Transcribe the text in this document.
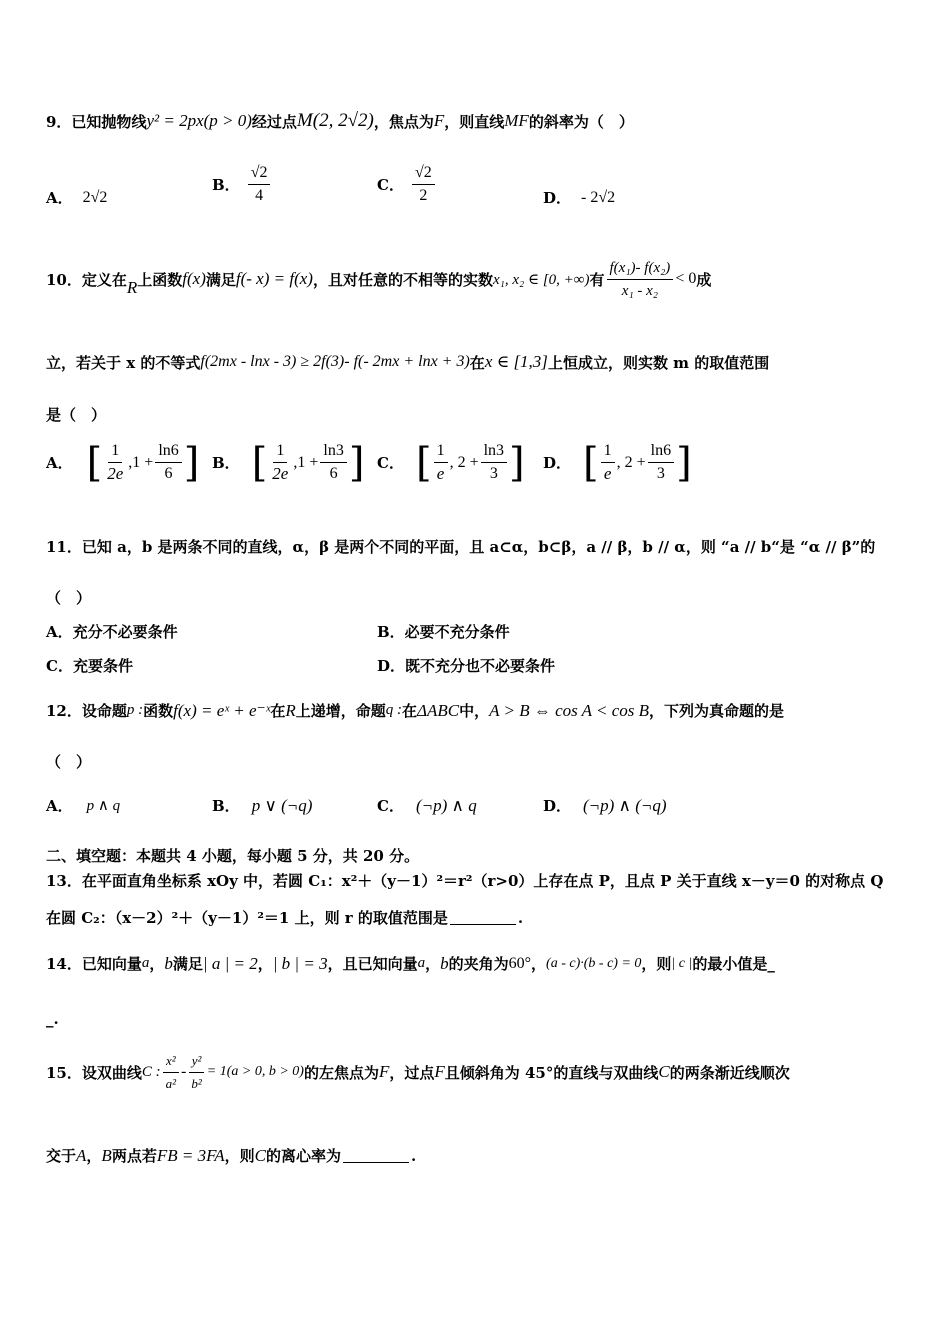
9．已知抛物线 y² = 2px(p > 0) 经过点 M(2, 2√2) ，焦点为 F ，则直线 MF 的斜率为（　）
A． 2√2
B． $\frac{√2}{4}$	C． $\frac{√2}{2}$	D． - 2√2
10．定义在 R 上函数 f(x) 满足 f(- x) = f(x) ，且对任意的不相等的实数 x₁, x₂ ∈ [0, +∞) 有 $\frac{\text{f(x₁)- f(x₂)}}{\text{x₁ - x₂}} < 0$ 成
立，若关于 x 的不等式 f(2mx - lnx - 3) ≥ 2f(3)- f(- 2mx + lnx + 3) 在 x ∈ [1,3] 上恒成立，则实数 m 的取值范围
是（　）
A． [ $\frac{1}{2e} ,1 + \frac{\ln 6}{6}$ ] B． [ $\frac{1}{2e} ,1 + \frac{\ln 3}{6}$ ] C． [ $\frac{1}{e}$ , $2 + \frac{\ln 3}{3}$ ] D． [ $\frac{1}{e}$ , $2 + \frac{\ln 6}{3}$ ]
11．已知 a，b 是两条不同的直线，α，β 是两个不同的平面，且 a⊂α，b⊂β，a // β，b // α，则 “a // b“是 “α // β”的
（　）
A．充分不必要条件	B．必要不充分条件
C．充要条件	D．既不充分也不必要条件
12．设命题 p : 函数 f(x) = eˣ + e⁻ˣ 在 R 上递增，命题 q : 在 ΔABC 中， A > B ⇔ cos A < cos B ，下列为真命题的是
（　）
A． p ∧ q	B． p ∨ (¬q)	C． (¬p) ∧ q	D． (¬p) ∧ (¬q)
二、填空题：本题共 4 小题，每小题 5 分，共 20 分。
13．在平面直角坐标系 xOy 中，若圆 C₁：x²＋（y－1）²＝r²（r>0）上存在点 P，且点 P 关于直线 x－y＝0 的对称点 Q
在圆 C₂：（x－2）²＋（y－1）²＝1 上，则 r 的取值范围是	.
14．已知向量 a ， b 满足 | a | = 2 ， | b | = 3 ，且已知向量 a ， b 的夹角为 60° ， (a - c)·(b - c) = 0 ，则 | c | 的最小值是_
_.
15．设双曲线 C : $\frac{\text{x²}}{\text{a²}} - \frac{\text{y²}}{\text{b²}} = 1(a > 0$, b > 0) 的左焦点为 F ，过点 F 且倾斜角为 45°的直线与双曲线 C 的两条渐近线顺次
交于 A ， B 两点若 FB = 3FA ，则 C 的离心率为	.
